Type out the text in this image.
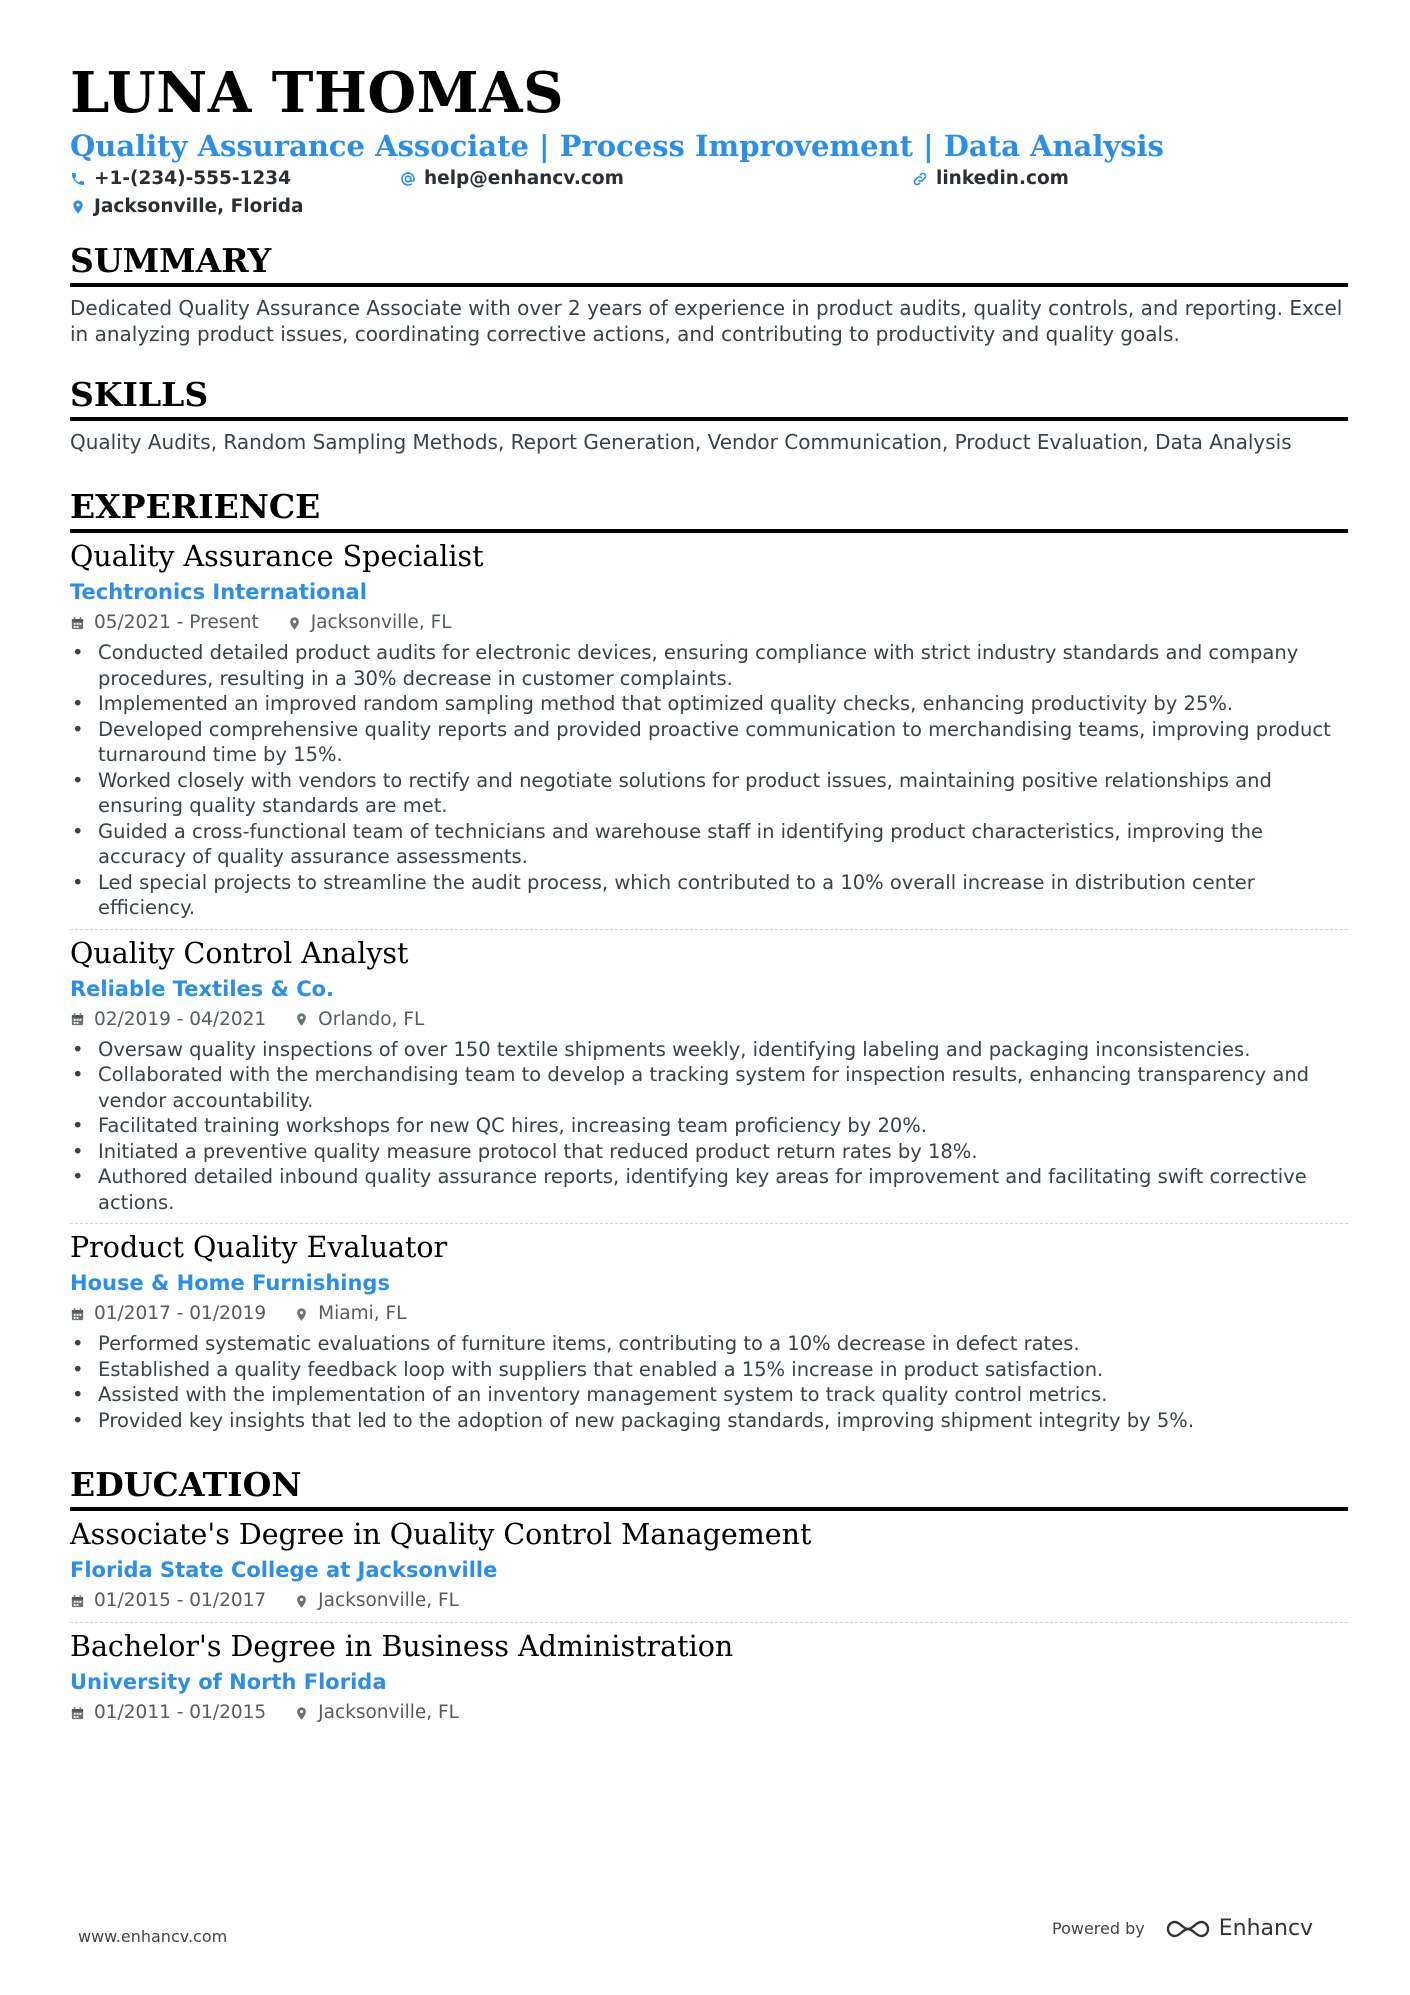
LUNA THOMAS
Quality Assurance Associate | Process Improvement | Data Analysis
+1-(234)-555-1234	help@enhancv.com	linkedin.com
Jacksonville, Florida
SUMMARY
Dedicated Quality Assurance Associate with over 2 years of experience in product audits, quality controls, and reporting. Excel in analyzing product issues, coordinating corrective actions, and contributing to productivity and quality goals.
SKILLS
Quality Audits, Random Sampling Methods, Report Generation, Vendor Communication, Product Evaluation, Data Analysis
EXPERIENCE
Quality Assurance Specialist
Techtronics International
05/2021 - Present	Jacksonville, FL
• Conducted detailed product audits for electronic devices, ensuring compliance with strict industry standards and company procedures, resulting in a 30% decrease in customer complaints.
• Implemented an improved random sampling method that optimized quality checks, enhancing productivity by 25%.
• Developed comprehensive quality reports and provided proactive communication to merchandising teams, improving product turnaround time by 15%.
• Worked closely with vendors to rectify and negotiate solutions for product issues, maintaining positive relationships and ensuring quality standards are met.
• Guided a cross-functional team of technicians and warehouse staff in identifying product characteristics, improving the accuracy of quality assurance assessments.
• Led special projects to streamline the audit process, which contributed to a 10% overall increase in distribution center efficiency.
Quality Control Analyst
Reliable Textiles & Co.
02/2019 - 04/2021	Orlando, FL
• Oversaw quality inspections of over 150 textile shipments weekly, identifying labeling and packaging inconsistencies.
• Collaborated with the merchandising team to develop a tracking system for inspection results, enhancing transparency and vendor accountability.
• Facilitated training workshops for new QC hires, increasing team proficiency by 20%.
• Initiated a preventive quality measure protocol that reduced product return rates by 18%.
• Authored detailed inbound quality assurance reports, identifying key areas for improvement and facilitating swift corrective actions.
Product Quality Evaluator
House & Home Furnishings
01/2017 - 01/2019	Miami, FL
• Performed systematic evaluations of furniture items, contributing to a 10% decrease in defect rates.
• Established a quality feedback loop with suppliers that enabled a 15% increase in product satisfaction.
• Assisted with the implementation of an inventory management system to track quality control metrics.
• Provided key insights that led to the adoption of new packaging standards, improving shipment integrity by 5%.
EDUCATION
Associate's Degree in Quality Control Management
Florida State College at Jacksonville
01/2015 - 01/2017	Jacksonville, FL
Bachelor's Degree in Business Administration
University of North Florida
01/2011 - 01/2015	Jacksonville, FL
www.enhancv.com	Powered by	Enhancv
